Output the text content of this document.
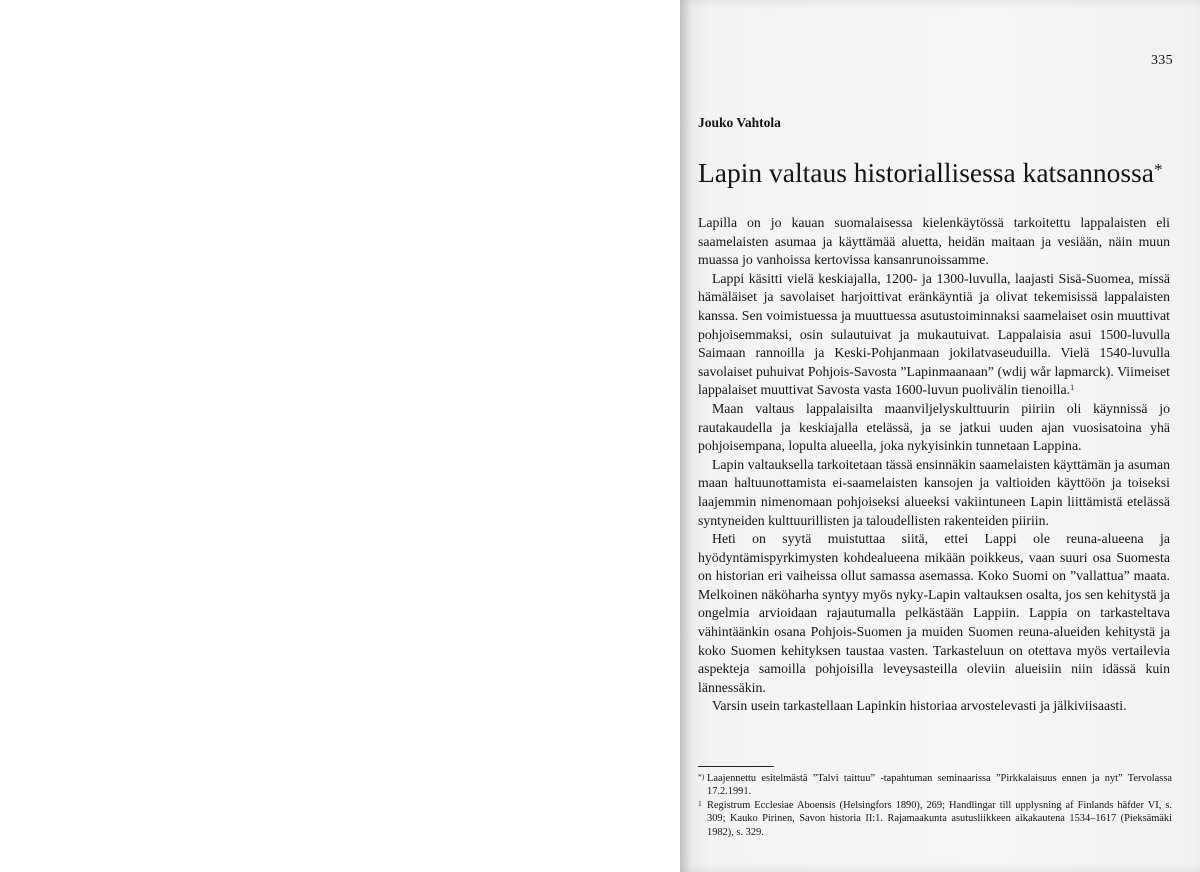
335
Jouko Vahtola
Lapin valtaus historiallisessa katsannossa*

Lapilla on jo kauan suomalaisessa kielenkäytössä tarkoitettu lappalaisten eli saamelaisten asumaa ja käyttämää aluetta, heidän maitaan ja vesiään, näin muun muassa jo vanhoissa kertovissa kansanrunoissamme.

Lappi käsitti vielä keskiajalla, 1200- ja 1300-luvulla, laajasti Sisä-Suomea, missä hämäläiset ja savolaiset harjoittivat eränkäyntiä ja olivat tekemisissä lappalaisten kanssa. Sen voimistuessa ja muuttuessa asutustoiminnaksi saamelaiset osin muuttivat pohjoisemmaksi, osin sulautuivat ja mukautuivat. Lappalaisia asui 1500-luvulla Saimaan rannoilla ja Keski-Pohjanmaan jokilatvaseuduilla. Vielä 1540-luvulla savolaiset puhuivat Pohjois-Savosta ”Lapinmaanaan” (wdij wår lapmarck). Viimeiset lappalaiset muuttivat Savosta vasta 1600-luvun puolivälin tienoilla.$^1$

Maan valtaus lappalaisilta maanviljelyskulttuurin piiriin oli käynnissä jo rautakaudella ja keskiajalla etelässä, ja se jatkui uuden ajan vuosisatoina yhä pohjoisempana, lopulta alueella, joka nykyisinkin tunnetaan Lappina.

Lapin valtauksella tarkoitetaan tässä ensinnäkin saamelaisten käyttämän ja asuman maan haltuunottamista ei-saamelaisten kansojen ja valtioiden käyttöön ja toiseksi laajemmin nimenomaan pohjoiseksi alueeksi vakiintuneen Lapin liittämistä etelässä syntyneiden kulttuurillisten ja taloudellisten rakenteiden piiriin.

Heti on syytä muistuttaa siitä, ettei Lappi ole reuna-alueena ja hyödyntämispyrkimysten kohdealueena mikään poikkeus, vaan suuri osa Suomesta on historian eri vaiheissa ollut samassa asemassa. Koko Suomi on ”vallattua” maata. Melkoinen näköharha syntyy myös nyky-Lapin valtauksen osalta, jos sen kehitystä ja ongelmia arvioidaan rajautumalla pelkästään Lappiin. Lappia on tarkasteltava vähintäänkin osana Pohjois-Suomen ja muiden Suomen reuna-alueiden kehitystä ja koko Suomen kehityksen taustaa vasten. Tarkasteluun on otettava myös vertailevia aspekteja samoilla pohjoisilla leveysasteilla oleviin alueisiin niin idässä kuin lännessäkin.

Varsin usein tarkastellaan Lapinkin historiaa arvostelevasti ja jälkiviisaasti.

*) Laajennettu esitelmästä ”Talvi taittuu” -tapahtuman seminaarissa ”Pirkkalaisuus ennen ja nyt” Tervolassa 17.2.1991.
1 Registrum Ecclesiae Aboensis (Helsingfors 1890), 269; Handlingar till upplysning af Finlands häfder VI, s. 309; Kauko Pirinen, Savon historia II:1. Rajamaakunta asutusliikkeen aikakautena 1534–1617 (Pieksämäki 1982), s. 329.
